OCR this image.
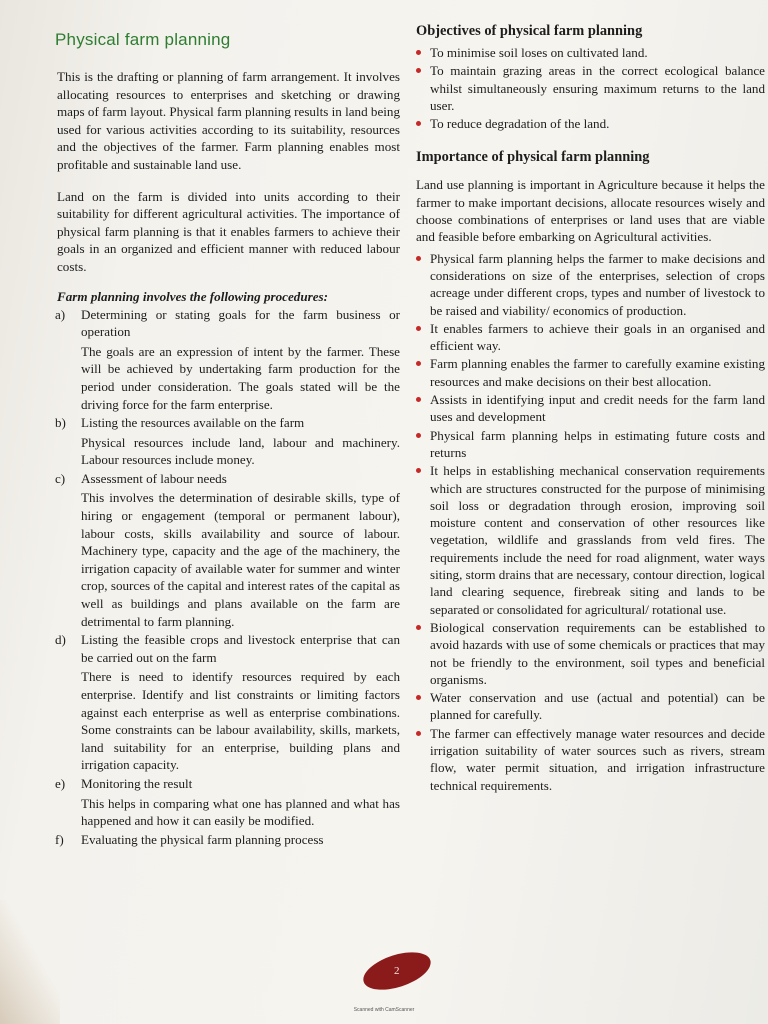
Physical farm planning

This is the drafting or planning of farm arrangement. It involves allocating resources to enterprises and sketching or drawing maps of farm layout. Physical farm planning results in land being used for various activities according to its suitability, resources and the objectives of the farmer. Farm planning enables most profitable and sustainable land use.

Land on the farm is divided into units according to their suitability for different agricultural activities. The importance of physical farm planning is that it enables farmers to achieve their goals in an organized and efficient manner with reduced labour costs.

Farm planning involves the following procedures:
a) Determining or stating goals for the farm business or operation
The goals are an expression of intent by the farmer. These will be achieved by undertaking farm production for the period under consideration. The goals stated will be the driving force for the farm enterprise.
b) Listing the resources available on the farm
Physical resources include land, labour and machinery. Labour resources include money.
c) Assessment of labour needs
This involves the determination of desirable skills, type of hiring or engagement (temporal or permanent labour), labour costs, skills availability and source of labour. Machinery type, capacity and the age of the machinery, the irrigation capacity of available water for summer and winter crop, sources of the capital and interest rates of the capital as well as buildings and plans available on the farm are detrimental to farm planning.
d) Listing the feasible crops and livestock enterprise that can be carried out on the farm
There is need to identify resources required by each enterprise. Identify and list constraints or limiting factors against each enterprise as well as enterprise combinations. Some constraints can be labour availability, skills, markets, land suitability for an enterprise, building plans and irrigation capacity.
e) Monitoring the result
This helps in comparing what one has planned and what has happened and how it can easily be modified.
f) Evaluating the physical farm planning process
Objectives of physical farm planning
To minimise soil loses on cultivated land.
To maintain grazing areas in the correct ecological balance whilst simultaneously ensuring maximum returns to the land user.
To reduce degradation of the land.
Importance of physical farm planning

Land use planning is important in Agriculture because it helps the farmer to make important decisions, allocate resources wisely and choose combinations of enterprises or land uses that are viable and feasible before embarking on Agricultural activities.

Physical farm planning helps the farmer to make decisions and considerations on size of the enterprises, selection of crops acreage under different crops, types and number of livestock to be raised and viability/ economics of production.
It enables farmers to achieve their goals in an organised and efficient way.
Farm planning enables the farmer to carefully examine existing resources and make decisions on their best allocation.
Assists in identifying input and credit needs for the farm land uses and development
Physical farm planning helps in estimating future costs and returns
It helps in establishing mechanical conservation requirements which are structures constructed for the purpose of minimising soil loss or degradation through erosion, improving soil moisture content and conservation of other resources like vegetation, wildlife and grasslands from veld fires. The requirements include the need for road alignment, water ways siting, storm drains that are necessary, contour direction, logical land clearing sequence, firebreak siting and lands to be separated or consolidated for agricultural/ rotational use.
Biological conservation requirements can be established to avoid hazards with use of some chemicals or practices that may not be friendly to the environment, soil types and beneficial organisms.
Water conservation and use (actual and potential) can be planned for carefully.
The farmer can effectively manage water resources and decide irrigation suitability of water sources such as rivers, stream flow, water permit situation, and irrigation infrastructure technical requirements.
2
Scanned with CamScanner
